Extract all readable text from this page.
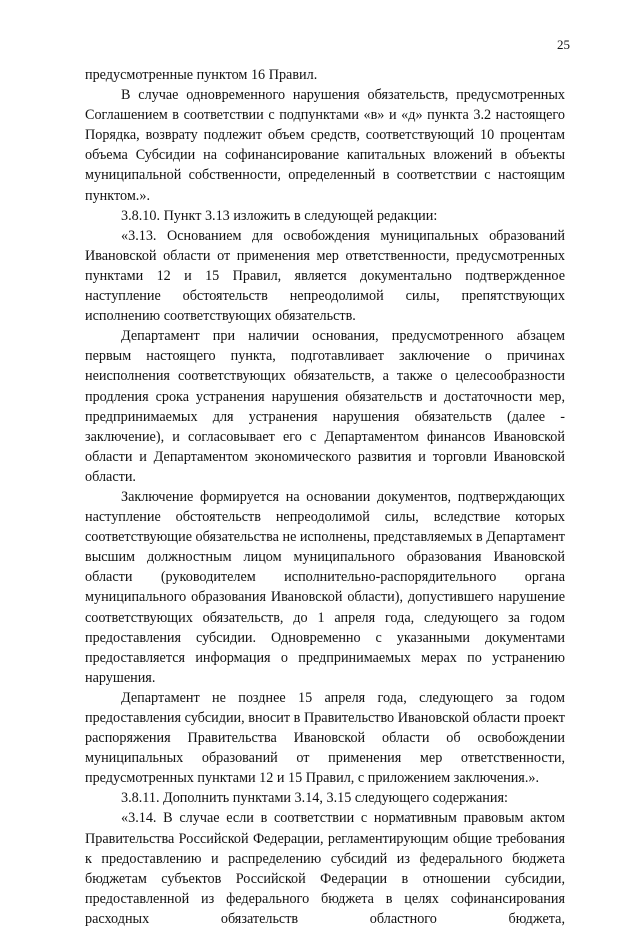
25

предусмотренные пунктом 16 Правил.

В случае одновременного нарушения обязательств, предусмотренных Соглашением в соответствии с подпунктами «в» и «д» пункта 3.2 настоящего Порядка, возврату подлежит объем средств, соответствующий 10 процентам объема Субсидии на софинансирование капитальных вложений в объекты муниципальной собственности, определенный в соответствии с настоящим пунктом.».

3.8.10. Пункт 3.13 изложить в следующей редакции:

«3.13. Основанием для освобождения муниципальных образований Ивановской области от применения мер ответственности, предусмотренных пунктами 12 и 15 Правил, является документально подтвержденное наступление обстоятельств непреодолимой силы, препятствующих исполнению соответствующих обязательств.

Департамент при наличии основания, предусмотренного абзацем первым настоящего пункта, подготавливает заключение о причинах неисполнения соответствующих обязательств, а также о целесообразности продления срока устранения нарушения обязательств и достаточности мер, предпринимаемых для устранения нарушения обязательств (далее - заключение), и согласовывает его с Департаментом финансов Ивановской области и Департаментом экономического развития и торговли Ивановской области.

Заключение формируется на основании документов, подтверждающих наступление обстоятельств непреодолимой силы, вследствие которых соответствующие обязательства не исполнены, представляемых в Департамент высшим должностным лицом муниципального образования Ивановской области (руководителем исполнительно-распорядительного органа муниципального образования Ивановской области), допустившего нарушение соответствующих обязательств, до 1 апреля года, следующего за годом предоставления субсидии. Одновременно с указанными документами предоставляется информация о предпринимаемых мерах по устранению нарушения.

Департамент не позднее 15 апреля года, следующего за годом предоставления субсидии, вносит в Правительство Ивановской области проект распоряжения Правительства Ивановской области об освобождении муниципальных образований от применения мер ответственности, предусмотренных пунктами 12 и 15 Правил, с приложением заключения.».

3.8.11. Дополнить пунктами 3.14, 3.15 следующего содержания:

«3.14. В случае если в соответствии с нормативным правовым актом Правительства Российской Федерации, регламентирующим общие требования к предоставлению и распределению субсидий из федерального бюджета бюджетам субъектов Российской Федерации в отношении субсидии, предоставленной из федерального бюджета в целях софинансирования расходных обязательств областного бюджета,
